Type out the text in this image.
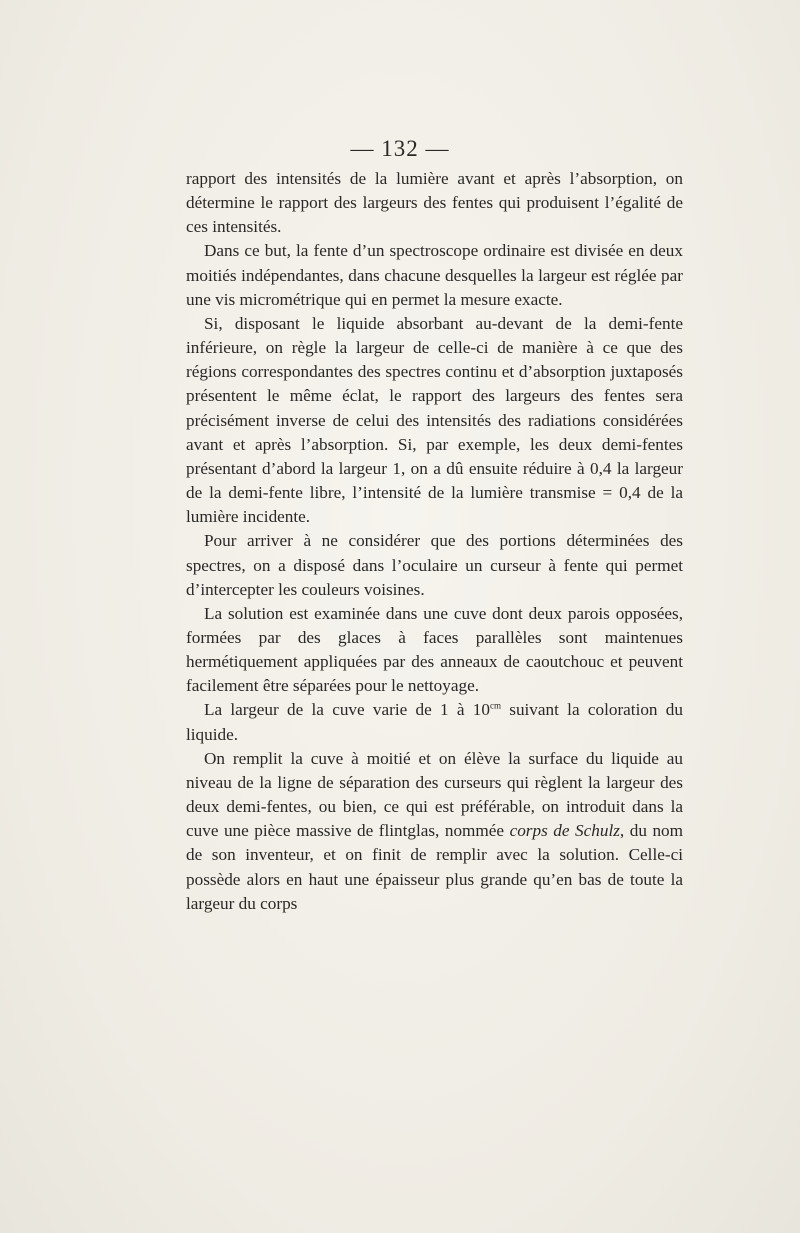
— 132 —

rapport des intensités de la lumière avant et après l’absorption, on détermine le rapport des largeurs des fentes qui produisent l’égalité de ces intensités.

Dans ce but, la fente d’un spectroscope ordinaire est divisée en deux moitiés indépendantes, dans chacune desquelles la largeur est réglée par une vis micrométrique qui en permet la mesure exacte.

Si, disposant le liquide absorbant au-devant de la demi-fente inférieure, on règle la largeur de celle-ci de manière à ce que des régions correspondantes des spectres continu et d’absorption juxtaposés présentent le même éclat, le rapport des largeurs des fentes sera précisément inverse de celui des intensités des radiations considérées avant et après l’absorption. Si, par exemple, les deux demi-fentes présentant d’abord la largeur 1, on a dû ensuite réduire à 0,4 la largeur de la demi-fente libre, l’intensité de la lumière transmise = 0,4 de la lumière incidente.

Pour arriver à ne considérer que des portions déterminées des spectres, on a disposé dans l’oculaire un curseur à fente qui permet d’intercepter les couleurs voisines.

La solution est examinée dans une cuve dont deux parois opposées, formées par des glaces à faces parallèles sont maintenues hermétiquement appliquées par des anneaux de caoutchouc et peuvent facilement être séparées pour le nettoyage.

La largeur de la cuve varie de 1 à $10^{cm}$ suivant la coloration du liquide.

On remplit la cuve à moitié et on élève la surface du liquide au niveau de la ligne de séparation des curseurs qui règlent la largeur des deux demi-fentes, ou bien, ce qui est préférable, on introduit dans la cuve une pièce massive de flintglas, nommée corps de Schulz, du nom de son inventeur, et on finit de remplir avec la solution. Celle-ci possède alors en haut une épaisseur plus grande qu’en bas de toute la largeur du corps
